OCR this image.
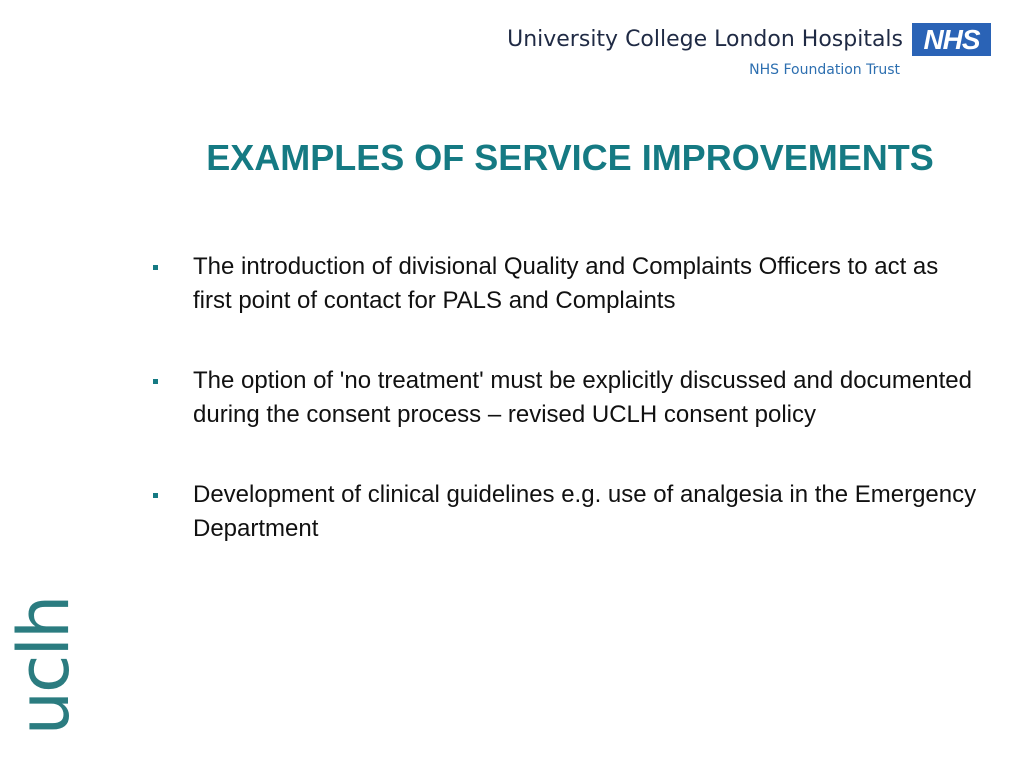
University College London Hospitals
NHS Foundation Trust
NHS
EXAMPLES OF SERVICE IMPROVEMENTS
The introduction of divisional Quality and Complaints Officers to act as first point of contact for PALS and Complaints
The option of 'no treatment' must be explicitly discussed and documented during the consent process – revised UCLH consent policy
Development of clinical guidelines e.g. use of analgesia in the Emergency Department
uclh
